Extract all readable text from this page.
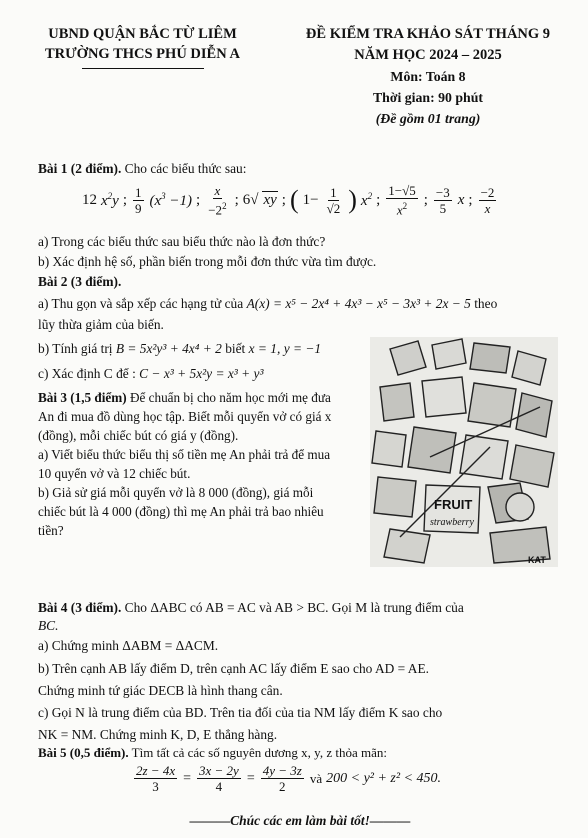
UBND QUẬN BẮC TỪ LIÊM
TRƯỜNG THCS PHÚ DIỄN A
ĐỀ KIỂM TRA KHẢO SÁT THÁNG 9
NĂM HỌC 2024 – 2025
Môn: Toán 8
Thời gian: 90 phút
(Đề gồm 01 trang)
Bài 1 (2 điểm). Cho các biểu thức sau:
12 $x^2y$ ; $\frac{1}{9} (x^3 -1)$ ; $\frac{x}{-2^2}$ ; 6√ xy ; ( $1- \frac{1}{√2}$ ) $x^2$ ; $\frac{1-√5}{x^2}$ ; $\frac{-3}{5}$ x ; $\frac{-2}{x}$
a) Trong các biểu thức sau biểu thức nào là đơn thức?
b) Xác định hệ số, phần biến trong mỗi đơn thức vừa tìm được.
Bài 2 (3 điểm).
a) Thu gọn và sắp xếp các hạng tử của A(x) = x⁵ − 2x⁴ + 4x³ − x⁵ − 3x³ + 2x − 5 theo
lũy thừa giảm của biến.
b) Tính giá trị B = 5x²y³ + 4x⁴ + 2 biết x = 1, y = −1
c) Xác định C để : C − x³ + 5x²y = x³ + y³
Bài 3 (1,5 điểm) Để chuẩn bị cho năm học mới mẹ đưa
An đi mua đồ dùng học tập. Biết mỗi quyển vở có giá x
(đồng), mỗi chiếc bút có giá y (đồng).
a) Viết biểu thức biểu thị số tiền mẹ An phải trả để mua
10 quyển vở và 12 chiếc bút.
b) Giả sử giá mỗi quyển vở là 8 000 (đồng), giá mỗi
chiếc bút là 4 000 (đồng) thì mẹ An phải trả bao nhiêu
tiền?
FRUIT
strawberry
KAT
Bài 4 (3 điểm). Cho ΔABC có AB = AC và AB > BC. Gọi M là trung điểm của
BC.
a) Chứng minh ΔABM = ΔACM.
b) Trên cạnh AB lấy điểm D, trên cạnh AC lấy điểm E sao cho AD = AE.
Chứng minh tứ giác DECB là hình thang cân.
c) Gọi N là trung điểm của BD. Trên tia đối của tia NM lấy điểm K sao cho
NK = NM. Chứng minh K, D, E thẳng hàng.
Bài 5 (0,5 điểm). Tìm tất cả các số nguyên dương x, y, z thỏa mãn:
$\frac{2z - 4x}{3} = \frac{3x - 2y}{4} = \frac{4y - 3z}{2}$ và 200 < y² + z² < 450.
———Chúc các em làm bài tốt!———
